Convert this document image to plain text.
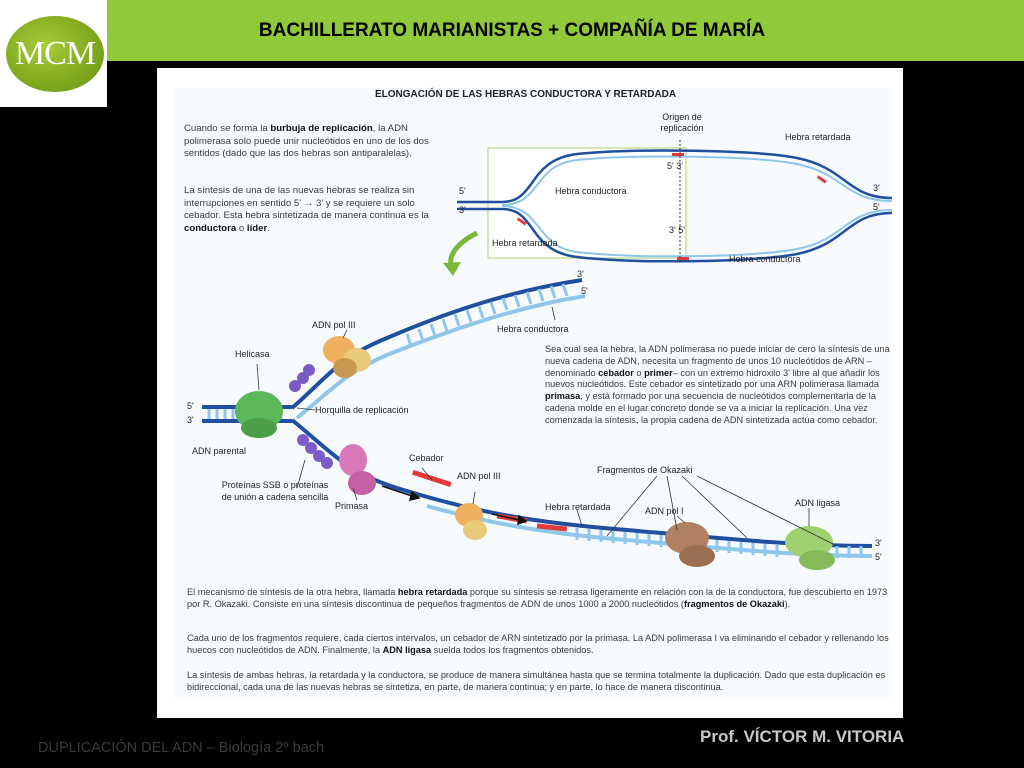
MCM
BACHILLERATO MARIANISTAS + COMPAÑÍA DE MARÍA
ELONGACIÓN DE LAS HEBRAS CONDUCTORA Y RETARDADA
Cuando se forma la burbuja de replicación, la ADN polimerasa solo puede unir nucleótidos en uno de los dos sentidos (dado que las dos hebras son antiparalelas).
La síntesis de una de las nuevas hebras se realiza sin interrupciones en sentido 5' → 3' y se requiere un solo cebador. Esta hebra sintetizada de manera continua es la conductora o líder.
Origen de replicación
Hebra retardada
Hebra conductora
Hebra retardada
Hebra conductora
5'
3'
3'
5'
5' 3'
3' 5'
3'
5'
ADN pol III	Hebra conductora
Helicasa
5'
3'
Horquilla de replicación
ADN parental
Cebador
Proteínas SSB o proteínas de unión a cadena sencilla
Primasa
ADN pol III
Fragmentos de Okazaki
Hebra retardada	ADN pol I
ADN ligasa
3'
5'
Sea cual sea la hebra, la ADN polimerasa no puede iniciar de cero la síntesis de una nueva cadena de ADN, necesita un fragmento de unos 10 nucleótidos de ARN –denominado cebador o primer– con un extremo hidroxilo 3' libre al que añadir los nuevos nucleótidos. Este cebador es sintetizado por una ARN polimerasa llamada primasa, y está formado por una secuencia de nucleótidos complementaria de la cadena molde en el lugar concreto donde se va a iniciar la replicación. Una vez comenzada la síntesis, la propia cadena de ADN sintetizada actúa como cebador.
El mecanismo de síntesis de la otra hebra, llamada hebra retardada porque su síntesis se retrasa ligeramente en relación con la de la conductora, fue descubierto en 1973 por R. Okazaki. Consiste en una síntesis discontinua de pequeños fragmentos de ADN de unos 1000 a 2000 nucleótidos (fragmentos de Okazaki).
Cada uno de los fragmentos requiere, cada ciertos intervalos, un cebador de ARN sintetizado por la primasa. La ADN polimerasa I va eliminando el cebador y rellenando los huecos con nucleótidos de ADN. Finalmente, la ADN ligasa suelda todos los fragmentos obtenidos.
La síntesis de ambas hebras, la retardada y la conductora, se produce de manera simultánea hasta que se termina totalmente la duplicación. Dado que esta duplicación es bidireccional, cada una de las nuevas hebras se sintetiza, en parte, de manera continua; y en parte, lo hace de manera discontinua.
DUPLICACIÓN DEL ADN – Biología 2º bach
Prof. VÍCTOR M. VITORIA
